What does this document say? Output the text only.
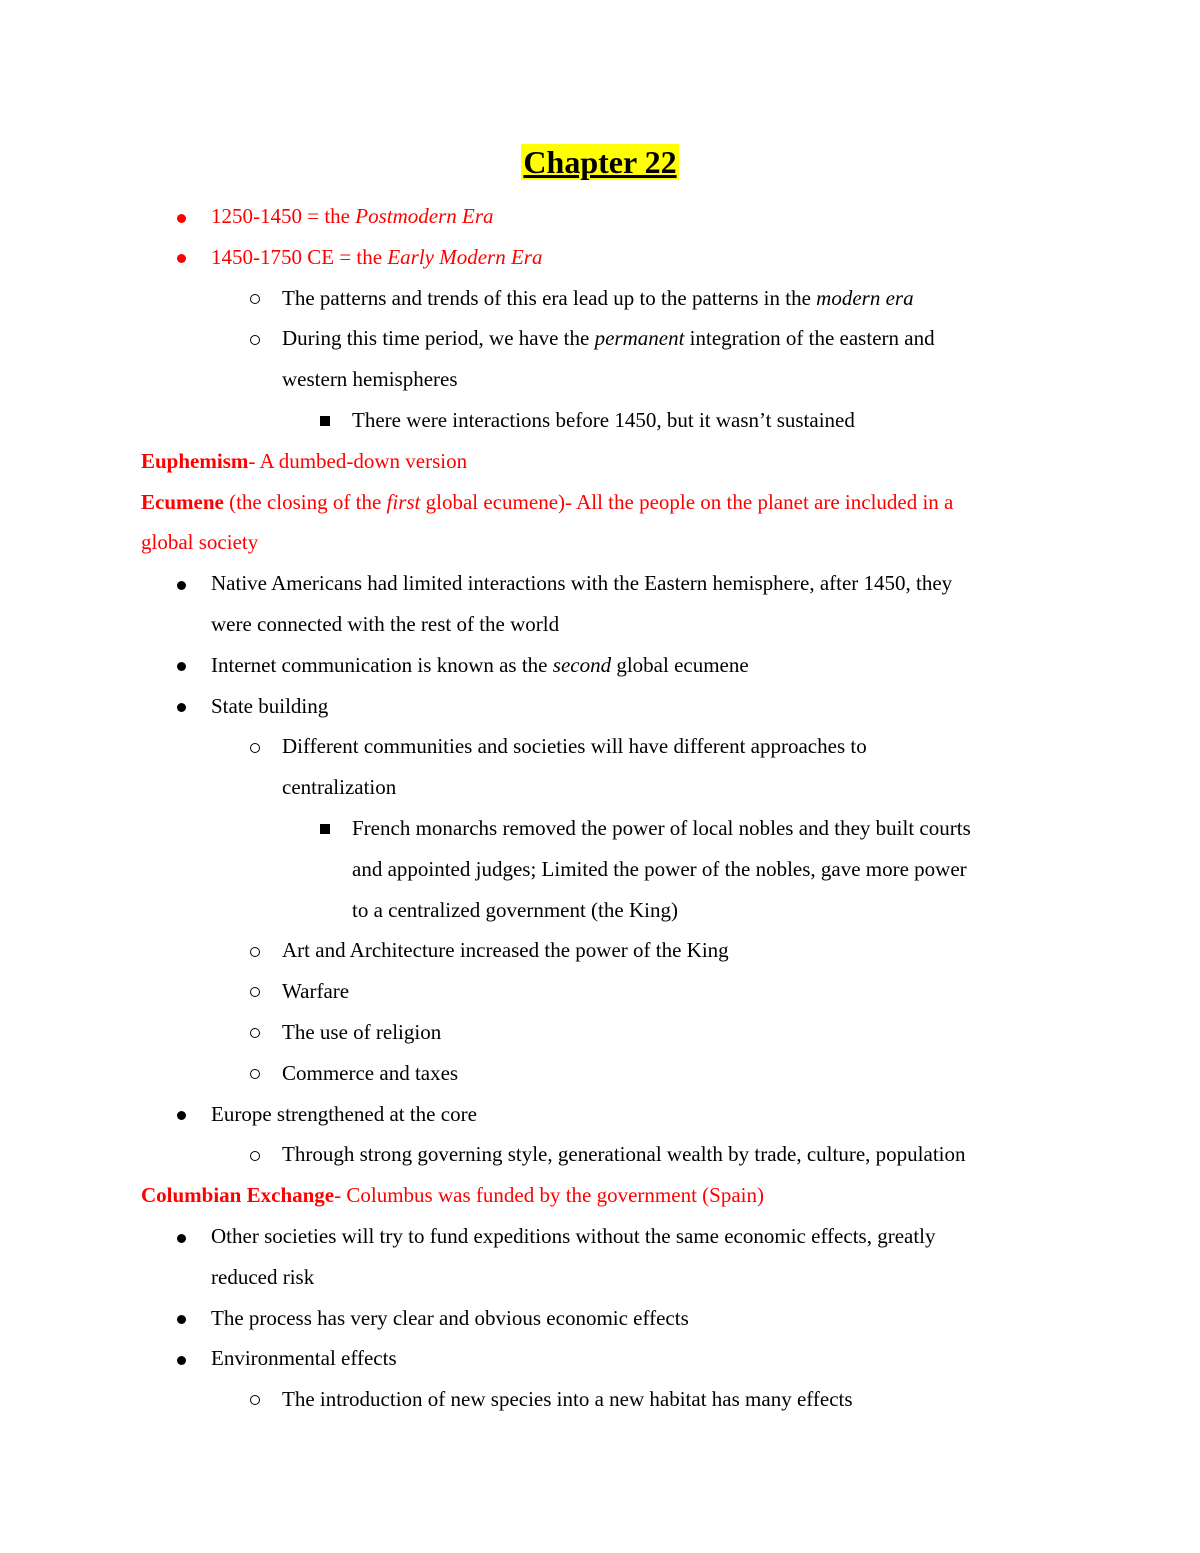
Chapter 22
1250-1450 = the Postmodern Era
1450-1750 CE = the Early Modern Era
The patterns and trends of this era lead up to the patterns in the modern era
During this time period, we have the permanent integration of the eastern and
western hemispheres
There were interactions before 1450, but it wasn’t sustained
Euphemism- A dumbed-down version
Ecumene (the closing of the first global ecumene)- All the people on the planet are included in a
global society
Native Americans had limited interactions with the Eastern hemisphere, after 1450, they
were connected with the rest of the world
Internet communication is known as the second global ecumene
State building
Different communities and societies will have different approaches to
centralization
French monarchs removed the power of local nobles and they built courts
and appointed judges; Limited the power of the nobles, gave more power
to a centralized government (the King)
Art and Architecture increased the power of the King
Warfare
The use of religion
Commerce and taxes
Europe strengthened at the core
Through strong governing style, generational wealth by trade, culture, population
Columbian Exchange- Columbus was funded by the government (Spain)
Other societies will try to fund expeditions without the same economic effects, greatly
reduced risk
The process has very clear and obvious economic effects
Environmental effects
The introduction of new species into a new habitat has many effects
